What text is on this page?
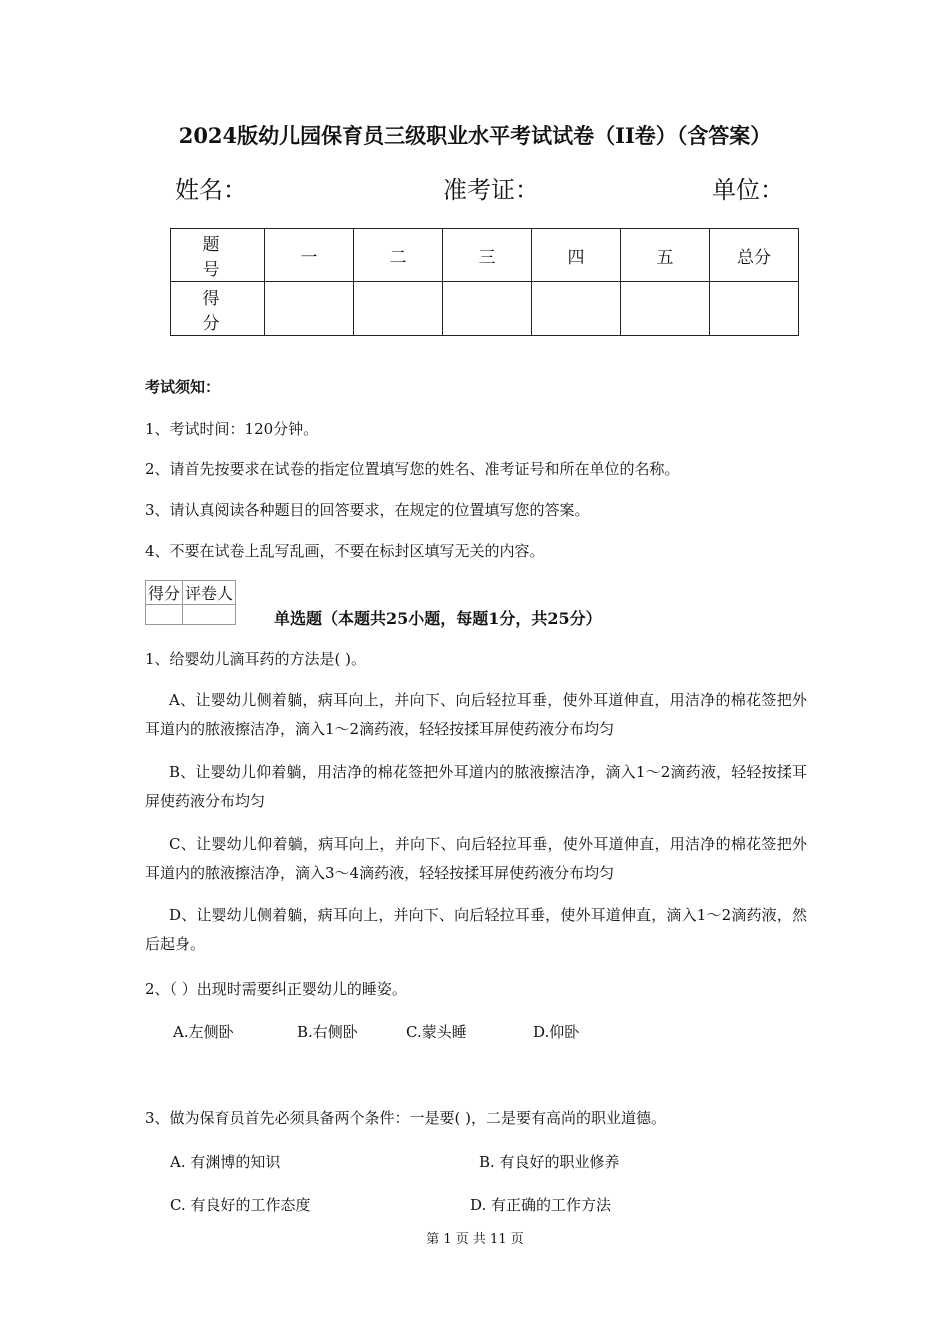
2024版幼儿园保育员三级职业水平考试试卷（II卷）（含答案）
姓名：	准考证：	单位：
题 号	一	二	三	四	五	总分
得 分						
考试须知：
1、考试时间：120分钟。
2、请首先按要求在试卷的指定位置填写您的姓名、准考证号和所在单位的名称。
3、请认真阅读各种题目的回答要求，在规定的位置填写您的答案。
4、不要在试卷上乱写乱画，不要在标封区填写无关的内容。
得分	评卷人

单选题（本题共25小题，每题1分，共25分）
1、给婴幼儿滴耳药的方法是( )。
A、让婴幼儿侧着躺，病耳向上，并向下、向后轻拉耳垂，使外耳道伸直，用洁净的棉花签把外耳道内的脓液擦洁净，滴入1～2滴药液，轻轻按揉耳屏使药液分布均匀
B、让婴幼儿仰着躺，用洁净的棉花签把外耳道内的脓液擦洁净，滴入1～2滴药液，轻轻按揉耳屏使药液分布均匀
C、让婴幼儿仰着躺，病耳向上，并向下、向后轻拉耳垂，使外耳道伸直，用洁净的棉花签把外耳道内的脓液擦洁净，滴入3～4滴药液，轻轻按揉耳屏使药液分布均匀
D、让婴幼儿侧着躺，病耳向上，并向下、向后轻拉耳垂，使外耳道伸直，滴入1～2滴药液，然后起身。
2、（ ）出现时需要纠正婴幼儿的睡姿。
A.左侧卧	B.右侧卧	C.蒙头睡	D.仰卧
3、做为保育员首先必须具备两个条件：一是要( )，二是要有高尚的职业道德。
A. 有渊博的知识	B. 有良好的职业修养
C. 有良好的工作态度	D. 有正确的工作方法
第 1 页 共 11 页
